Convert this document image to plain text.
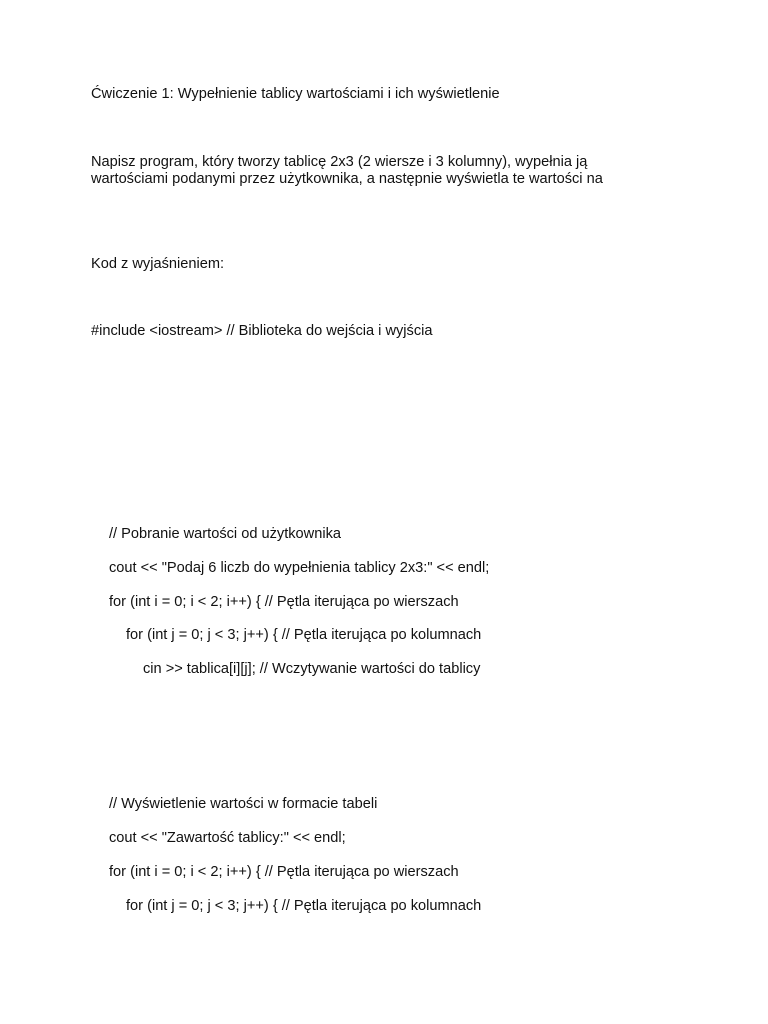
Ćwiczenie 1: Wypełnienie tablicy wartościami i ich wyświetlenie

Napisz program, który tworzy tablicę 2x3 (2 wiersze i 3 kolumny), wypełnia ją

wartościami podanymi przez użytkownika, a następnie wyświetla te wartości na

Kod z wyjaśnieniem:

#include <iostream> // Biblioteka do wejścia i wyjścia

// Pobranie wartości od użytkownika

cout << "Podaj 6 liczb do wypełnienia tablicy 2x3:" << endl;

for (int i = 0; i < 2; i++) { // Pętla iterująca po wierszach

for (int j = 0; j < 3; j++) { // Pętla iterująca po kolumnach

cin >> tablica[i][j]; // Wczytywanie wartości do tablicy

// Wyświetlenie wartości w formacie tabeli

cout << "Zawartość tablicy:" << endl;

for (int i = 0; i < 2; i++) { // Pętla iterująca po wierszach

for (int j = 0; j < 3; j++) { // Pętla iterująca po kolumnach
